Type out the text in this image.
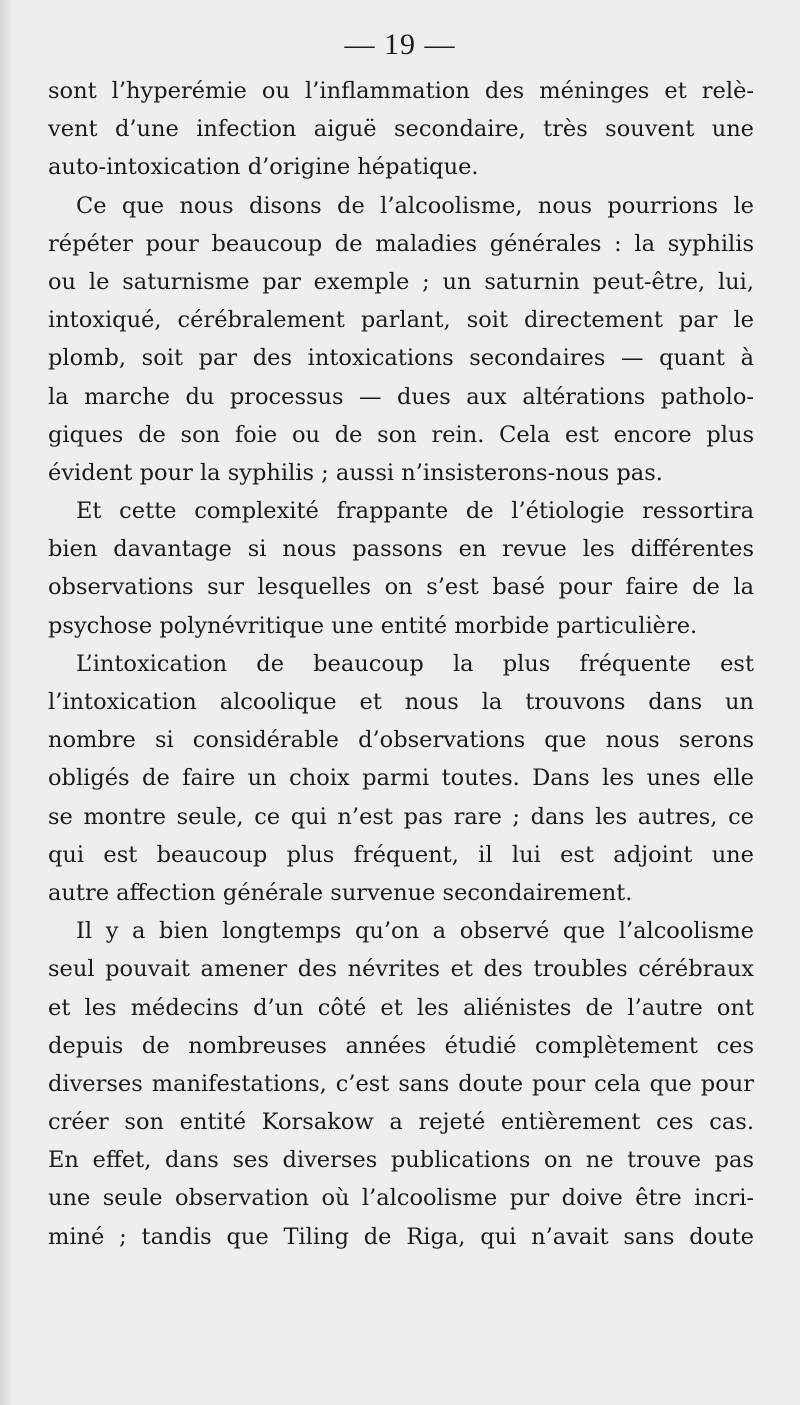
— 19 —
sont l’hyperémie ou l’inflammation des méninges et relè-
vent d’une infection aiguë secondaire, très souvent une
auto-intoxication d’origine hépatique.
Ce que nous disons de l’alcoolisme, nous pourrions le
répéter pour beaucoup de maladies générales : la syphilis
ou le saturnisme par exemple ; un saturnin peut-être, lui,
intoxiqué, cérébralement parlant, soit directement par le
plomb, soit par des intoxications secondaires — quant à
la marche du processus — dues aux altérations patholo-
giques de son foie ou de son rein. Cela est encore plus
évident pour la syphilis ; aussi n’insisterons-nous pas.
Et cette complexité frappante de l’étiologie ressortira
bien davantage si nous passons en revue les différentes
observations sur lesquelles on s’est basé pour faire de la
psychose polynévritique une entité morbide particulière.
L’intoxication de beaucoup la plus fréquente est
l’intoxication alcoolique et nous la trouvons dans un
nombre si considérable d’observations que nous serons
obligés de faire un choix parmi toutes. Dans les unes elle
se montre seule, ce qui n’est pas rare ; dans les autres, ce
qui est beaucoup plus fréquent, il lui est adjoint une
autre affection générale survenue secondairement.
Il y a bien longtemps qu’on a observé que l’alcoolisme
seul pouvait amener des névrites et des troubles cérébraux
et les médecins d’un côté et les aliénistes de l’autre ont
depuis de nombreuses années étudié complètement ces
diverses manifestations, c’est sans doute pour cela que pour
créer son entité Korsakow a rejeté entièrement ces cas.
En effet, dans ses diverses publications on ne trouve pas
une seule observation où l’alcoolisme pur doive être incri-
miné ; tandis que Tiling de Riga, qui n’avait sans doute
